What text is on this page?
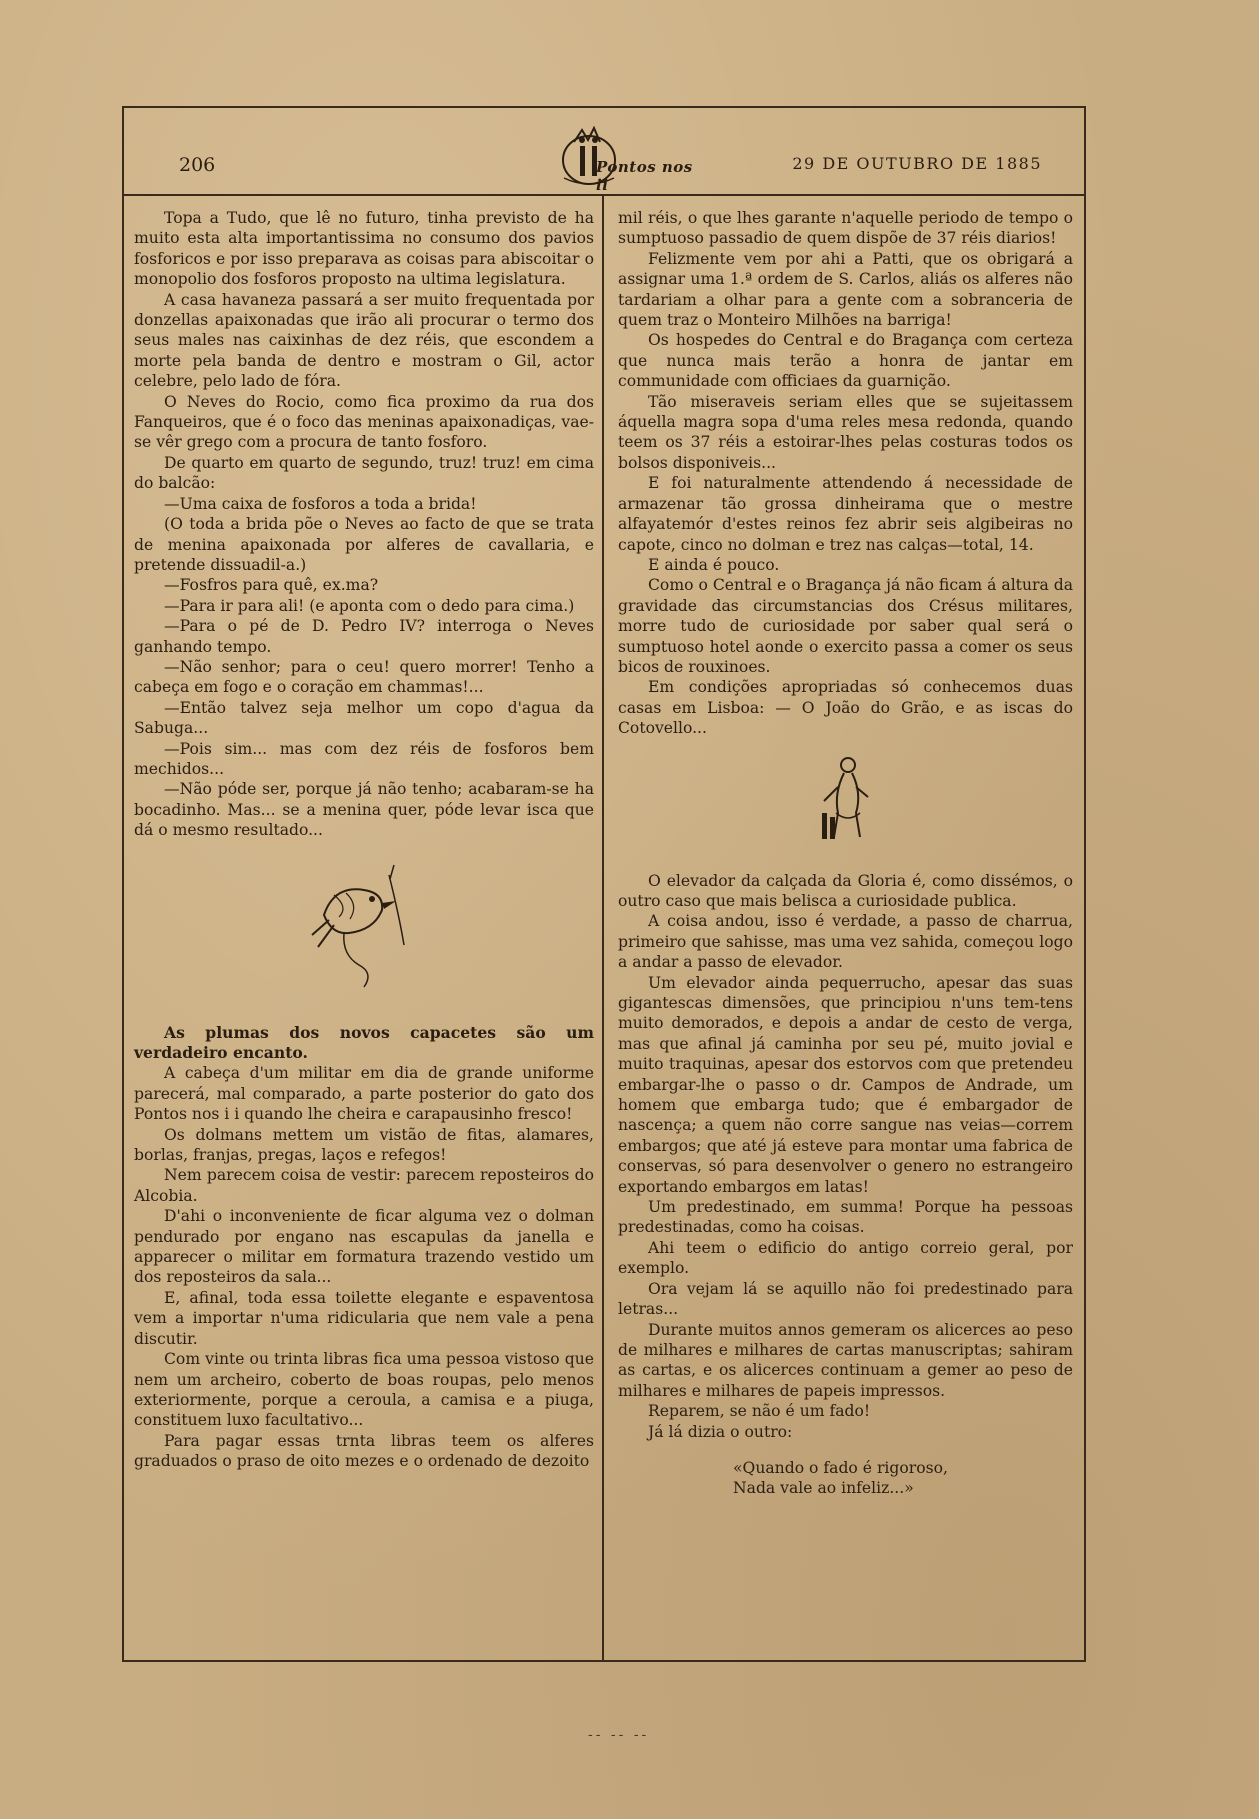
206	Pontos nos ii
29 DE OUTUBRO DE 1885

Topa a Tudo, que lê no futuro, tinha previsto de ha muito esta alta importantissima no consumo dos pavios fosforicos e por isso preparava as coisas para abiscoitar o monopolio dos fosforos proposto na ultima legislatura.

A casa havaneza passará a ser muito frequentada por donzellas apaixonadas que irão ali procurar o termo dos seus males nas caixinhas de dez réis, que escondem a morte pela banda de dentro e mostram o Gil, actor celebre, pelo lado de fóra.

O Neves do Rocio, como fica proximo da rua dos Fanqueiros, que é o foco das meninas apaixonadiças, vae-se vêr grego com a procura de tanto fosforo.

De quarto em quarto de segundo, truz! truz! em cima do balcão:

—Uma caixa de fosforos a toda a brida!

(O toda a brida põe o Neves ao facto de que se trata de menina apaixonada por alferes de cavallaria, e pretende dissuadil-a.)

—Fosfros para quê, ex.ma?

—Para ir para ali! (e aponta com o dedo para cima.)

—Para o pé de D. Pedro IV? interroga o Neves ganhando tempo.

—Não senhor; para o ceu! quero morrer! Tenho a cabeça em fogo e o coração em chammas!...

—Então talvez seja melhor um copo d'agua da Sabuga...

—Pois sim... mas com dez réis de fosforos bem mechidos...

—Não póde ser, porque já não tenho; acabaram-se ha bocadinho. Mas... se a menina quer, póde levar isca que dá o mesmo resultado...

As plumas dos novos capacetes são um verdadeiro encanto.

A cabeça d'um militar em dia de grande uniforme parecerá, mal comparado, a parte posterior do gato dos Pontos nos i i quando lhe cheira e carapausinho fresco!

Os dolmans mettem um vistão de fitas, alamares, borlas, franjas, pregas, laços e refegos!

Nem parecem coisa de vestir: parecem reposteiros do Alcobia.

D'ahi o inconveniente de ficar alguma vez o dolman pendurado por engano nas escapulas da janella e apparecer o militar em formatura trazendo vestido um dos reposteiros da sala...

E, afinal, toda essa toilette elegante e espaventosa vem a importar n'uma ridicularia que nem vale a pena discutir.

Com vinte ou trinta libras fica uma pessoa vistoso que nem um archeiro, coberto de boas roupas, pelo menos exteriormente, porque a ceroula, a camisa e a piuga, constituem luxo facultativo...

Para pagar essas trnta libras teem os alferes graduados o praso de oito mezes e o ordenado de dezoito

mil réis, o que lhes garante n'aquelle periodo de tempo o sumptuoso passadio de quem dispõe de 37 réis diarios!

Felizmente vem por ahi a Patti, que os obrigará a assignar uma 1.ª ordem de S. Carlos, aliás os alferes não tardariam a olhar para a gente com a sobranceria de quem traz o Monteiro Milhões na barriga!

Os hospedes do Central e do Bragança com certeza que nunca mais terão a honra de jantar em communidade com officiaes da guarnição.

Tão miseraveis seriam elles que se sujeitassem áquella magra sopa d'uma reles mesa redonda, quando teem os 37 réis a estoirar-lhes pelas costuras todos os bolsos disponiveis...

E foi naturalmente attendendo á necessidade de armazenar tão grossa dinheirama que o mestre alfayatemór d'estes reinos fez abrir seis algibeiras no capote, cinco no dolman e trez nas calças—total, 14.

E ainda é pouco.

Como o Central e o Bragança já não ficam á altura da gravidade das circumstancias dos Crésus militares, morre tudo de curiosidade por saber qual será o sumptuoso hotel aonde o exercito passa a comer os seus bicos de rouxinoes.

Em condições apropriadas só conhecemos duas casas em Lisboa: — O João do Grão, e as iscas do Cotovello...

O elevador da calçada da Gloria é, como dissémos, o outro caso que mais belisca a curiosidade publica.

A coisa andou, isso é verdade, a passo de charrua, primeiro que sahisse, mas uma vez sahida, começou logo a andar a passo de elevador.

Um elevador ainda pequerrucho, apesar das suas gigantescas dimensões, que principiou n'uns tem-tens muito demorados, e depois a andar de cesto de verga, mas que afinal já caminha por seu pé, muito jovial e muito traquinas, apesar dos estorvos com que pretendeu embargar-lhe o passo o dr. Campos de Andrade, um homem que embarga tudo; que é embargador de nascença; a quem não corre sangue nas veias—correm embargos; que até já esteve para montar uma fabrica de conservas, só para desenvolver o genero no estrangeiro exportando embargos em latas!

Um predestinado, em summa! Porque ha pessoas predestinadas, como ha coisas.

Ahi teem o edificio do antigo correio geral, por exemplo.

Ora vejam lá se aquillo não foi predestinado para letras...

Durante muitos annos gemeram os alicerces ao peso de milhares e milhares de cartas manuscriptas; sahiram as cartas, e os alicerces continuam a gemer ao peso de milhares e milhares de papeis impressos.

Reparem, se não é um fado!

Já lá dizia o outro:

«Quando o fado é rigoroso,

Nada vale ao infeliz...»

-- -- --
